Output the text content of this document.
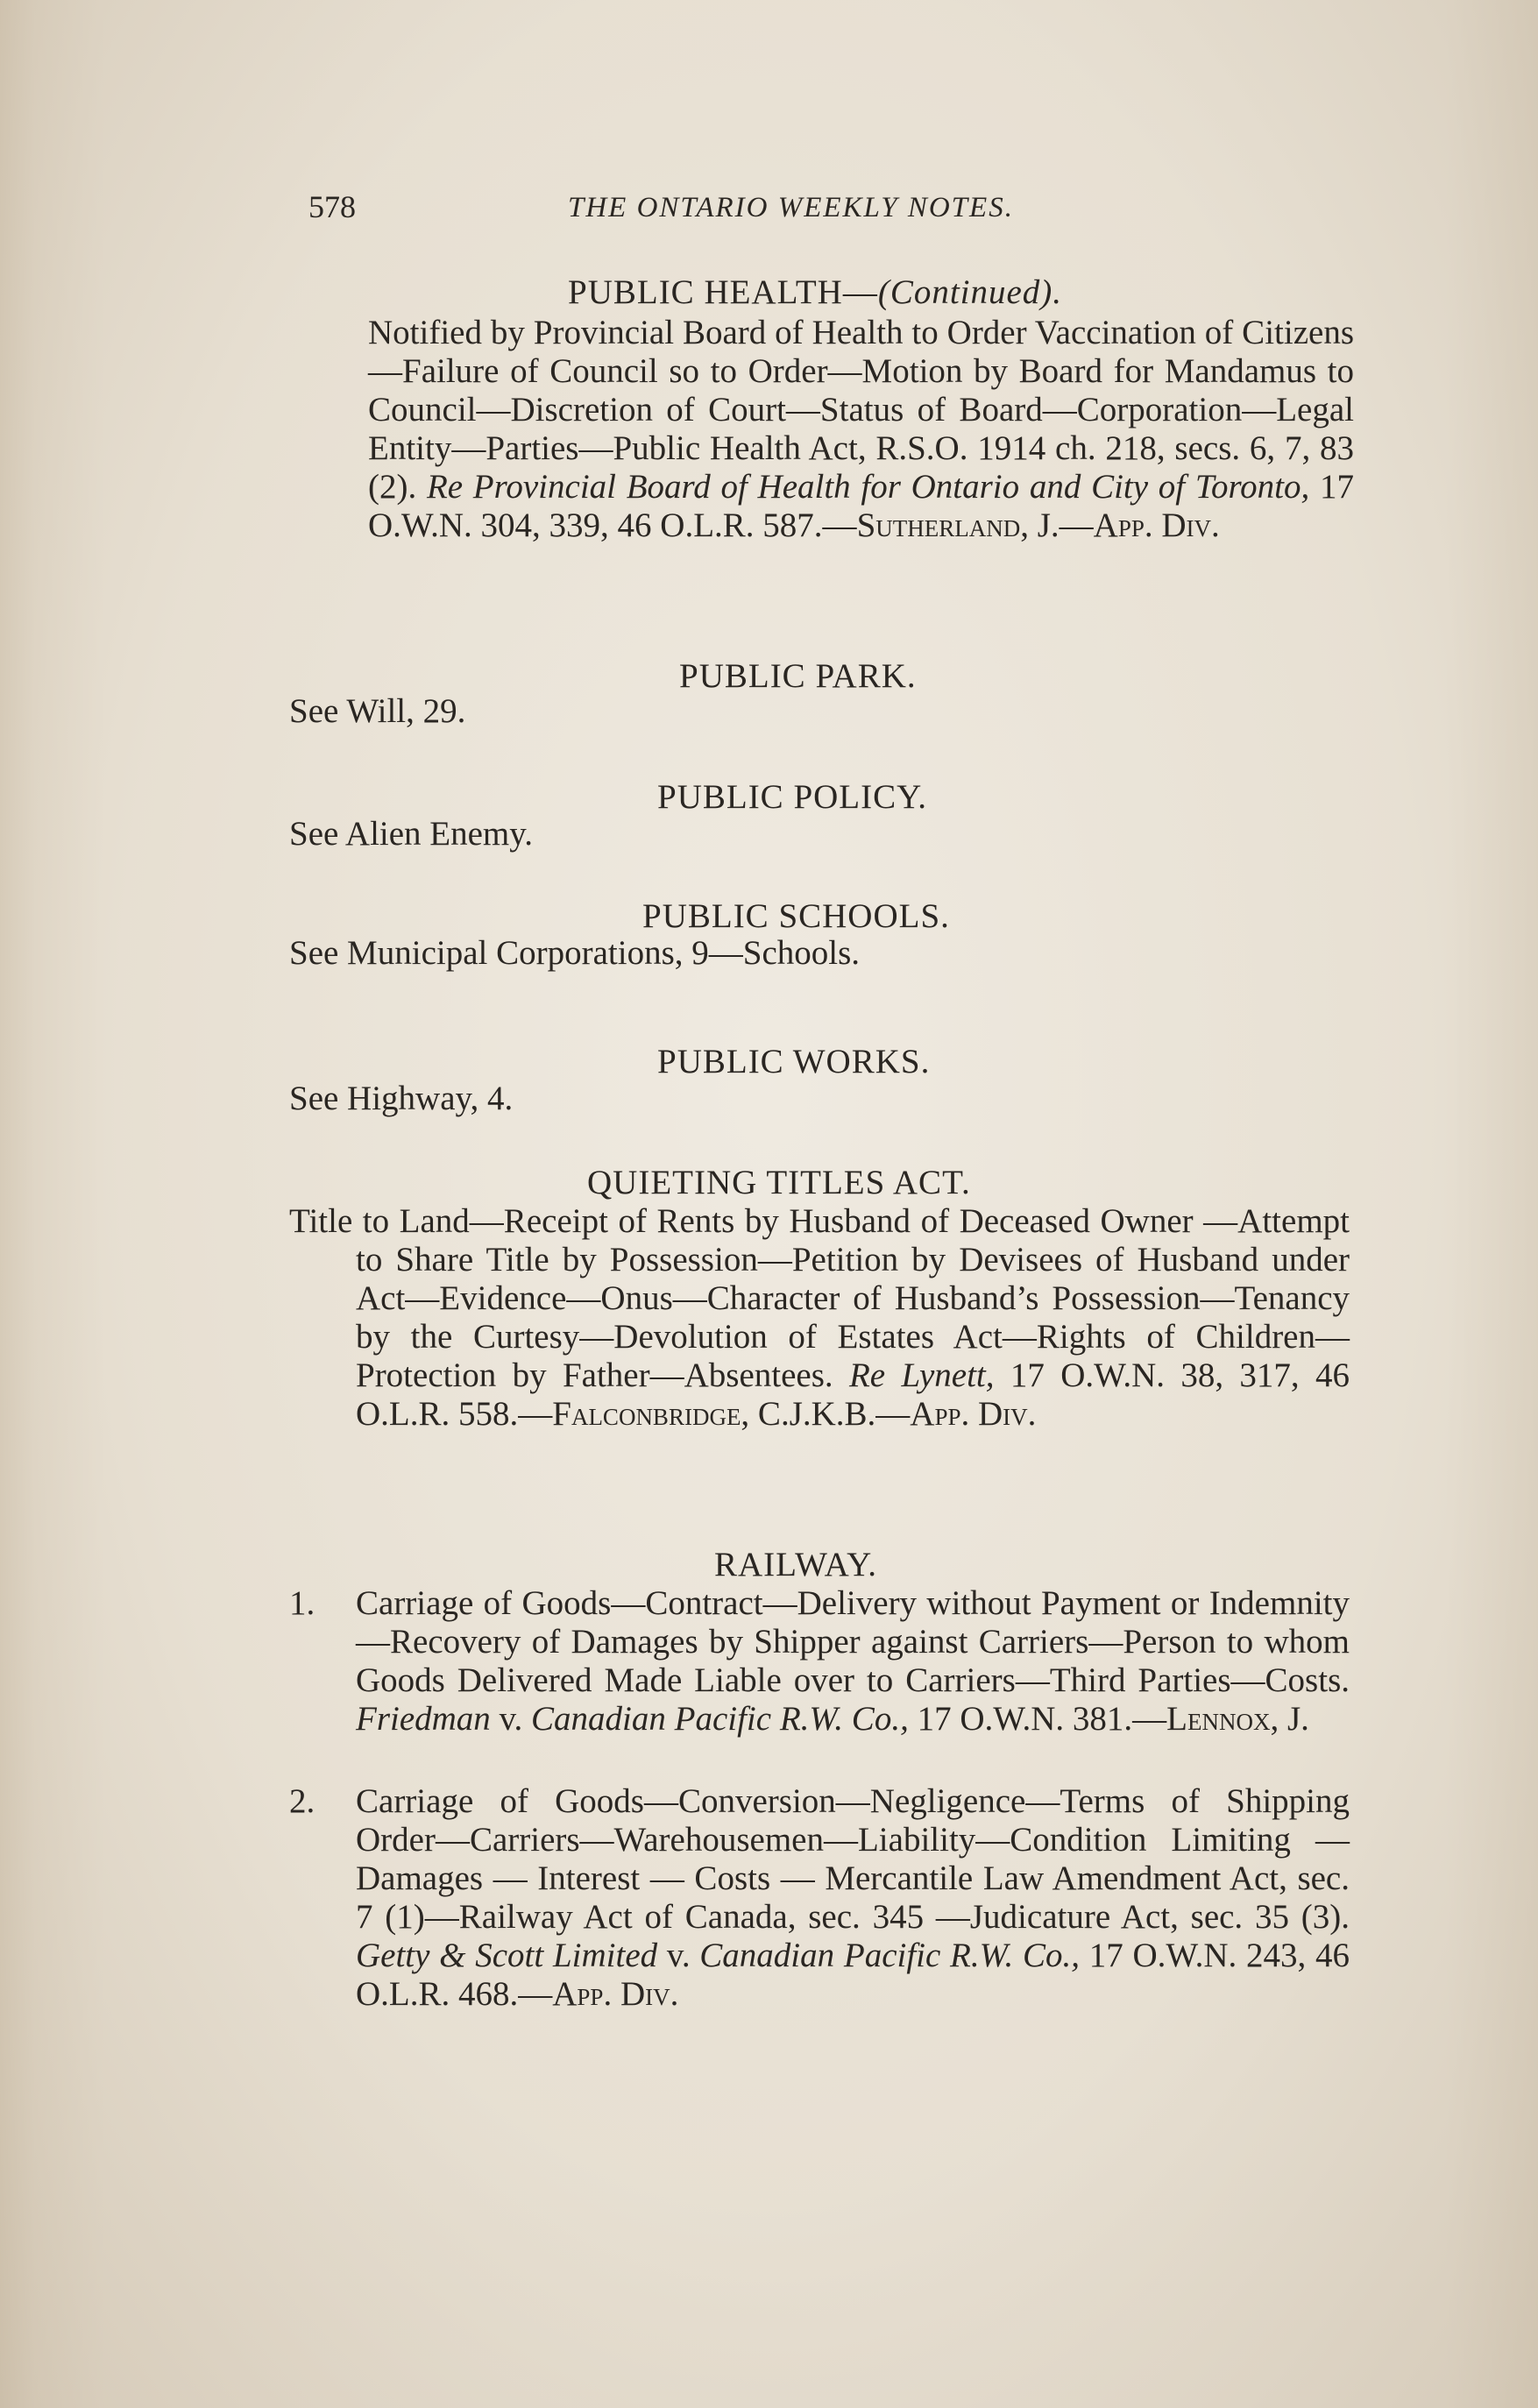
578	THE ONTARIO WEEKLY NOTES.
PUBLIC HEALTH—(Continued).

Notified by Provincial Board of Health to Order Vaccination of Citizens—Failure of Council so to Order—Motion by Board for Mandamus to Council—Discretion of Court—Status of Board—Corporation—Legal Entity—Parties—Public Health Act, R.S.O. 1914 ch. 218, secs. 6, 7, 83 (2). Re Provincial Board of Health for Ontario and City of Toronto, 17 O.W.N. 304, 339, 46 O.L.R. 587.—Sutherland, J.—App. Div.

PUBLIC PARK.

See Will, 29.

PUBLIC POLICY.

See Alien Enemy.

PUBLIC SCHOOLS.

See Municipal Corporations, 9—Schools.

PUBLIC WORKS.

See Highway, 4.

QUIETING TITLES ACT.

Title to Land—Receipt of Rents by Husband of Deceased Owner —Attempt to Share Title by Possession—Petition by Devisees of Husband under Act—Evidence—Onus—Character of Husband’s Possession—Tenancy by the Curtesy—Devolution of Estates Act—Rights of Children—Protection by Father—Absentees. Re Lynett, 17 O.W.N. 38, 317, 46 O.L.R. 558.—Falconbridge, C.J.K.B.—App. Div.

RAILWAY.
1. Carriage of Goods—Contract—Delivery without Payment or Indemnity—Recovery of Damages by Shipper against Carriers—Person to whom Goods Delivered Made Liable over to Carriers—Third Parties—Costs. Friedman v. Canadian Pacific R.W. Co., 17 O.W.N. 381.—Lennox, J.
2. Carriage of Goods—Conversion—Negligence—Terms of Shipping Order—Carriers—Warehousemen—Liability—Condition Limiting — Damages — Interest — Costs — Mercantile Law Amendment Act, sec. 7 (1)—Railway Act of Canada, sec. 345 —Judicature Act, sec. 35 (3). Getty & Scott Limited v. Canadian Pacific R.W. Co., 17 O.W.N. 243, 46 O.L.R. 468.—App. Div.
